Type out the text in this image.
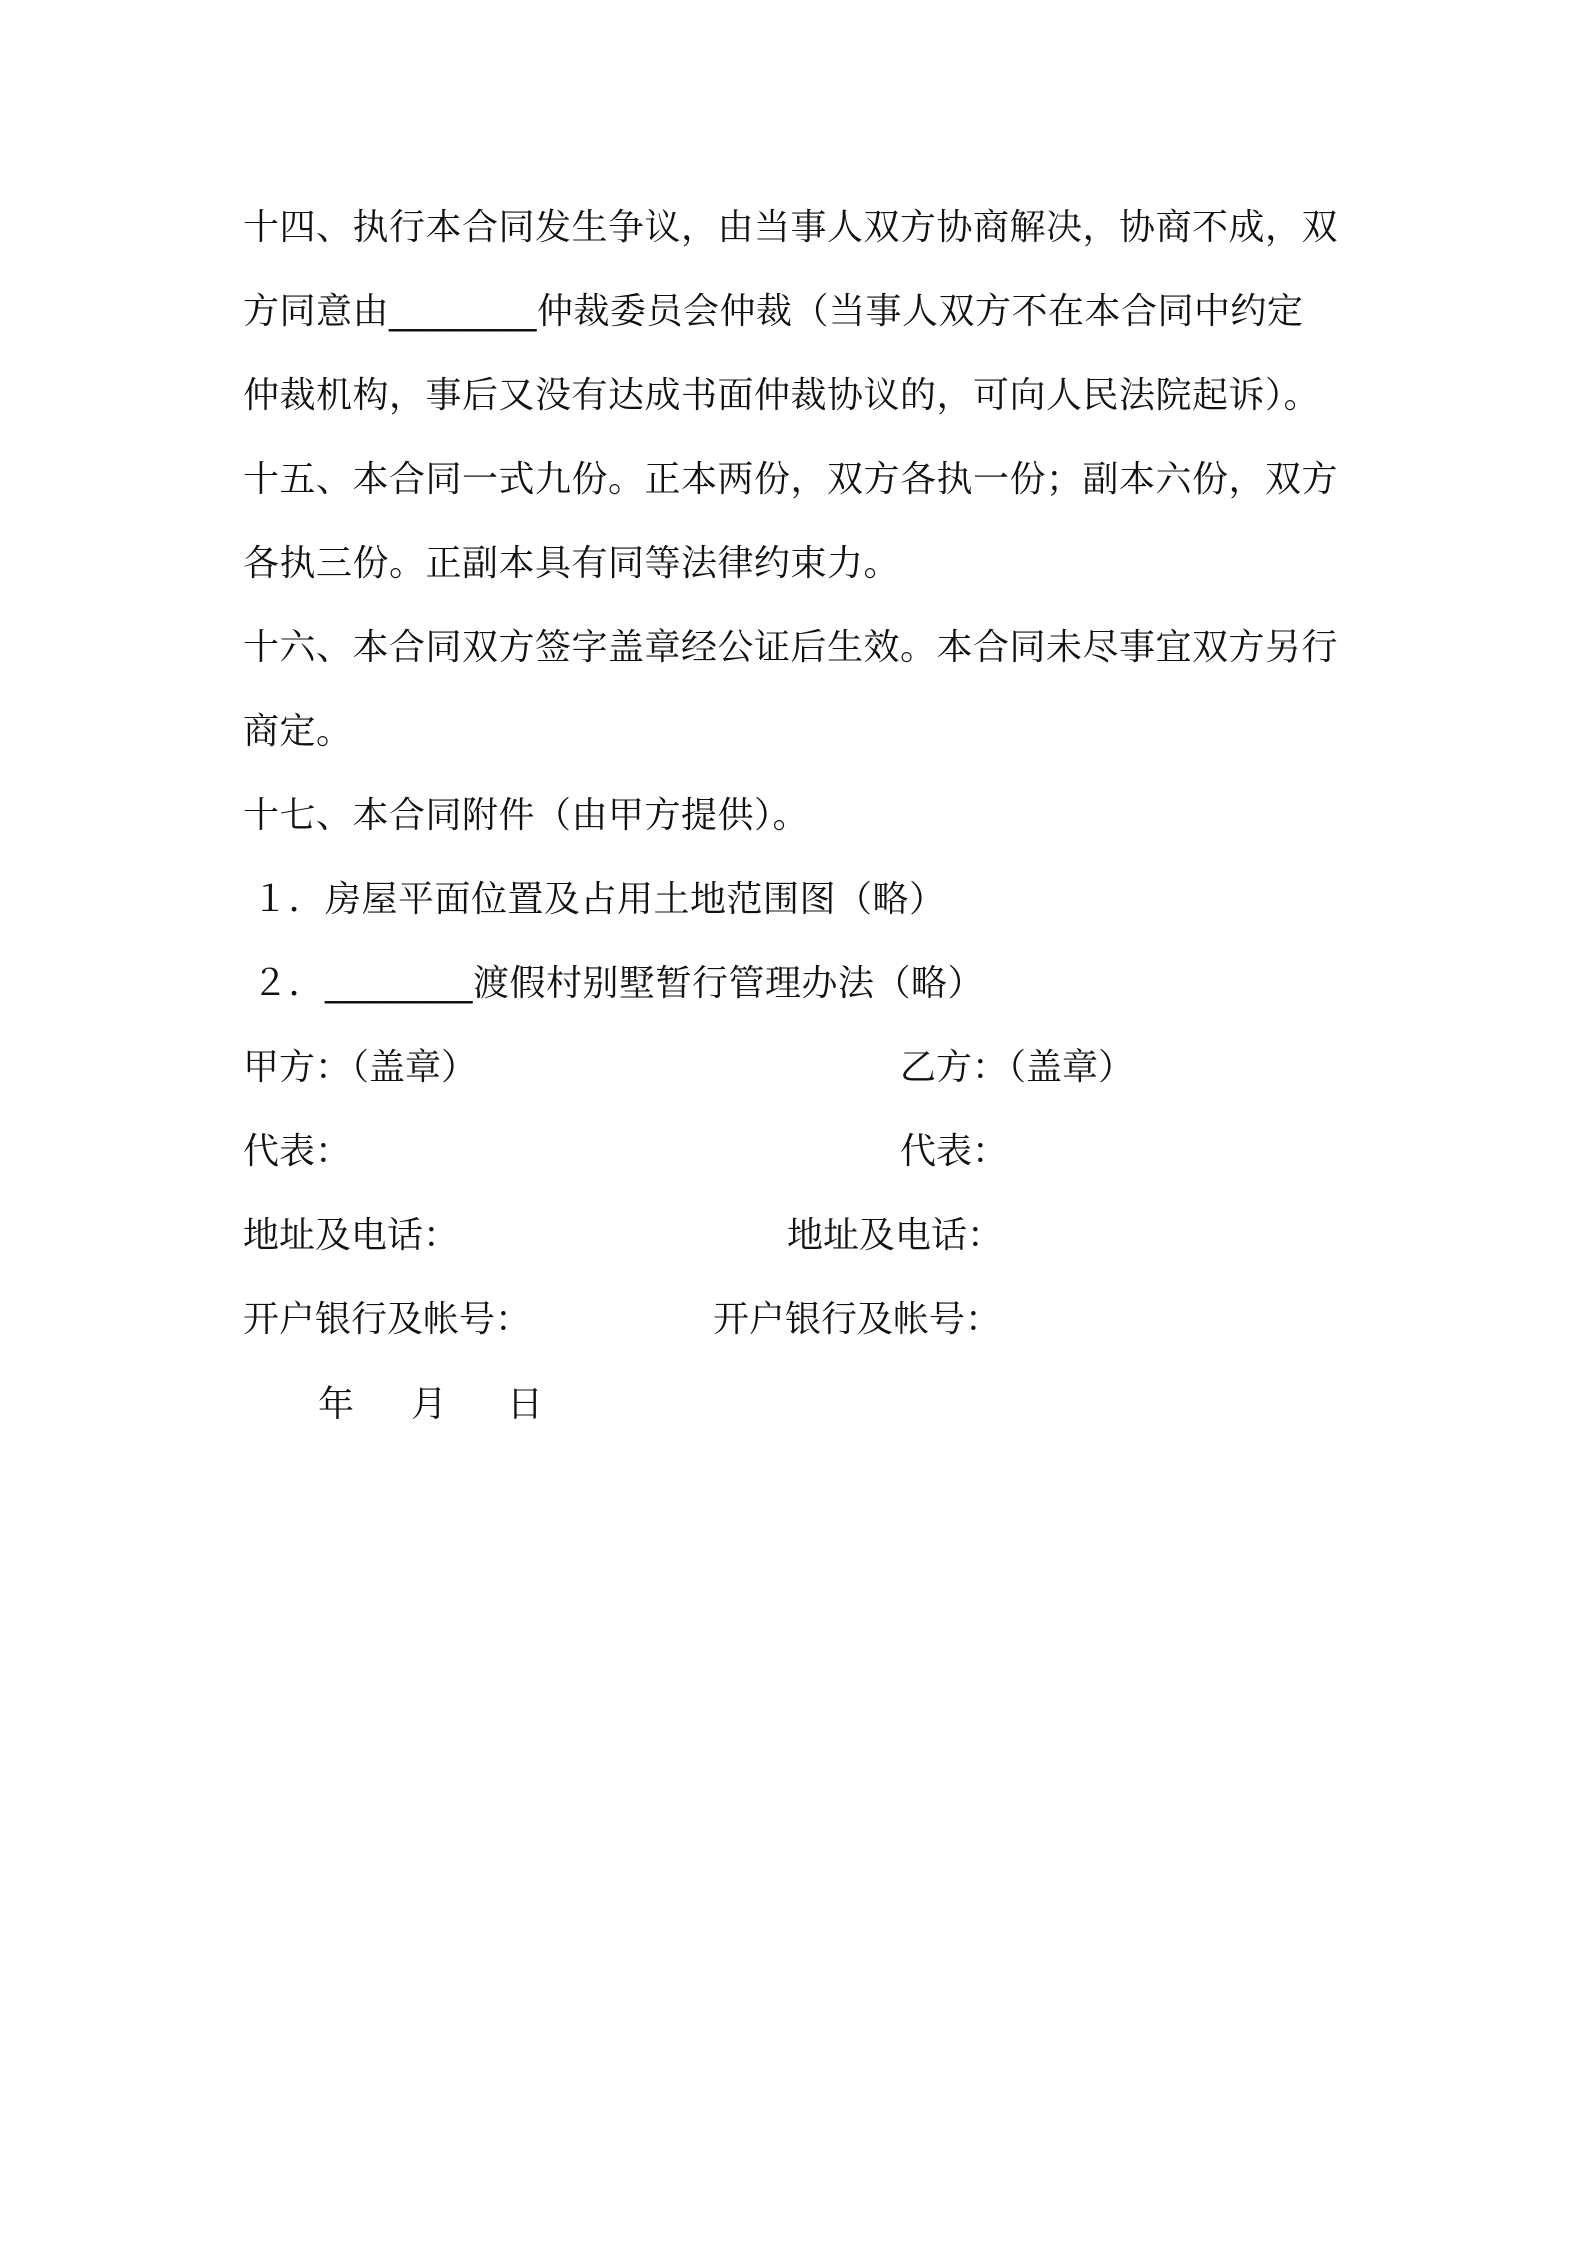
十四、执行本合同发生争议，由当事人双方协商解决，协商不成，双
方同意由________仲裁委员会仲裁（当事人双方不在本合同中约定
仲裁机构，事后又没有达成书面仲裁协议的，可向人民法院起诉）。
十五、本合同一式九份。正本两份，双方各执一份；副本六份，双方
各执三份。正副本具有同等法律约束力。
十六、本合同双方签字盖章经公证后生效。本合同未尽事宜双方另行
商定。
十七、本合同附件（由甲方提供）。
１．房屋平面位置及占用土地范围图（略）
２．________渡假村别墅暂行管理办法（略）
甲方：（盖章）	乙方：（盖章）
代表：	代表：
地址及电话：	地址及电话：
开户银行及帐号：	开户银行及帐号：
年 月 日
